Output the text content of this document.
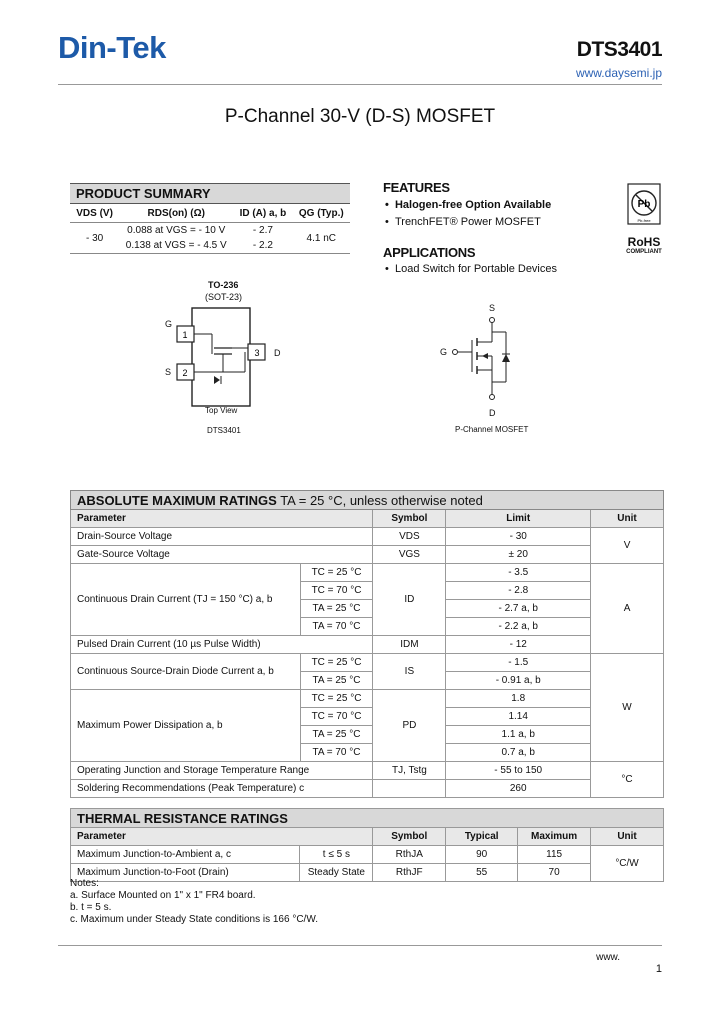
Din-Tek	DTS3401
www.daysemi.jp
P-Channel 30-V (D-S) MOSFET
PRODUCT SUMMARY			
VDS (V)	RDS(on) (Ω)	ID (A) a, b	QG (Typ.)
- 30	0.088 at VGS = - 10 V	- 2.7	4.1 nC
	0.138 at VGS = - 4.5 V	- 2.2	
FEATURES
•  Halogen-free Option Available
•  TrenchFET® Power MOSFET
APPLICATIONS
•  Load Switch for Portable Devices
Pb
Pb-free
RoHS
COMPLIANT
TO-236
(SOT-23)
1
2
3
G
S
D
Top View
DTS3401
S
G
D
P-Channel MOSFET
ABSOLUTE MAXIMUM RATINGS TA = 25 °C, unless otherwise noted				
Parameter		Symbol	Limit	Unit
Drain-Source Voltage		VDS	- 30	V
Gate-Source Voltage		VGS	± 20	
Continuous Drain Current (TJ = 150 °C) a, b	TC = 25 °C	ID	- 3.5	A
	TC = 70 °C		- 2.8	
	TA = 25 °C		- 2.7 a, b	
	TA = 70 °C		- 2.2 a, b	
Pulsed Drain Current (10 µs Pulse Width)		IDM	- 12	
Continuous Source-Drain Diode Current a, b	TC = 25 °C	IS	- 1.5	W
	TA = 25 °C		- 0.91 a, b	
Maximum Power Dissipation a, b	TC = 25 °C	PD	1.8	
	TC = 70 °C		1.14	
	TA = 25 °C		1.1 a, b	
	TA = 70 °C		0.7 a, b	
Operating Junction and Storage Temperature Range		TJ, Tstg	- 55 to 150	°C
Soldering Recommendations (Peak Temperature) c			260	
THERMAL RESISTANCE RATINGS					
Parameter		Symbol	Typical	Maximum	Unit
Maximum Junction-to-Ambient a, c	t ≤ 5 s	RthJA	90	115	°C/W
Maximum Junction-to-Foot (Drain)	Steady State	RthJF	55	70	
Notes:
a. Surface Mounted on 1" x 1" FR4 board.
b. t = 5 s.
c. Maximum under Steady State conditions is 166 °C/W.
www.
1
